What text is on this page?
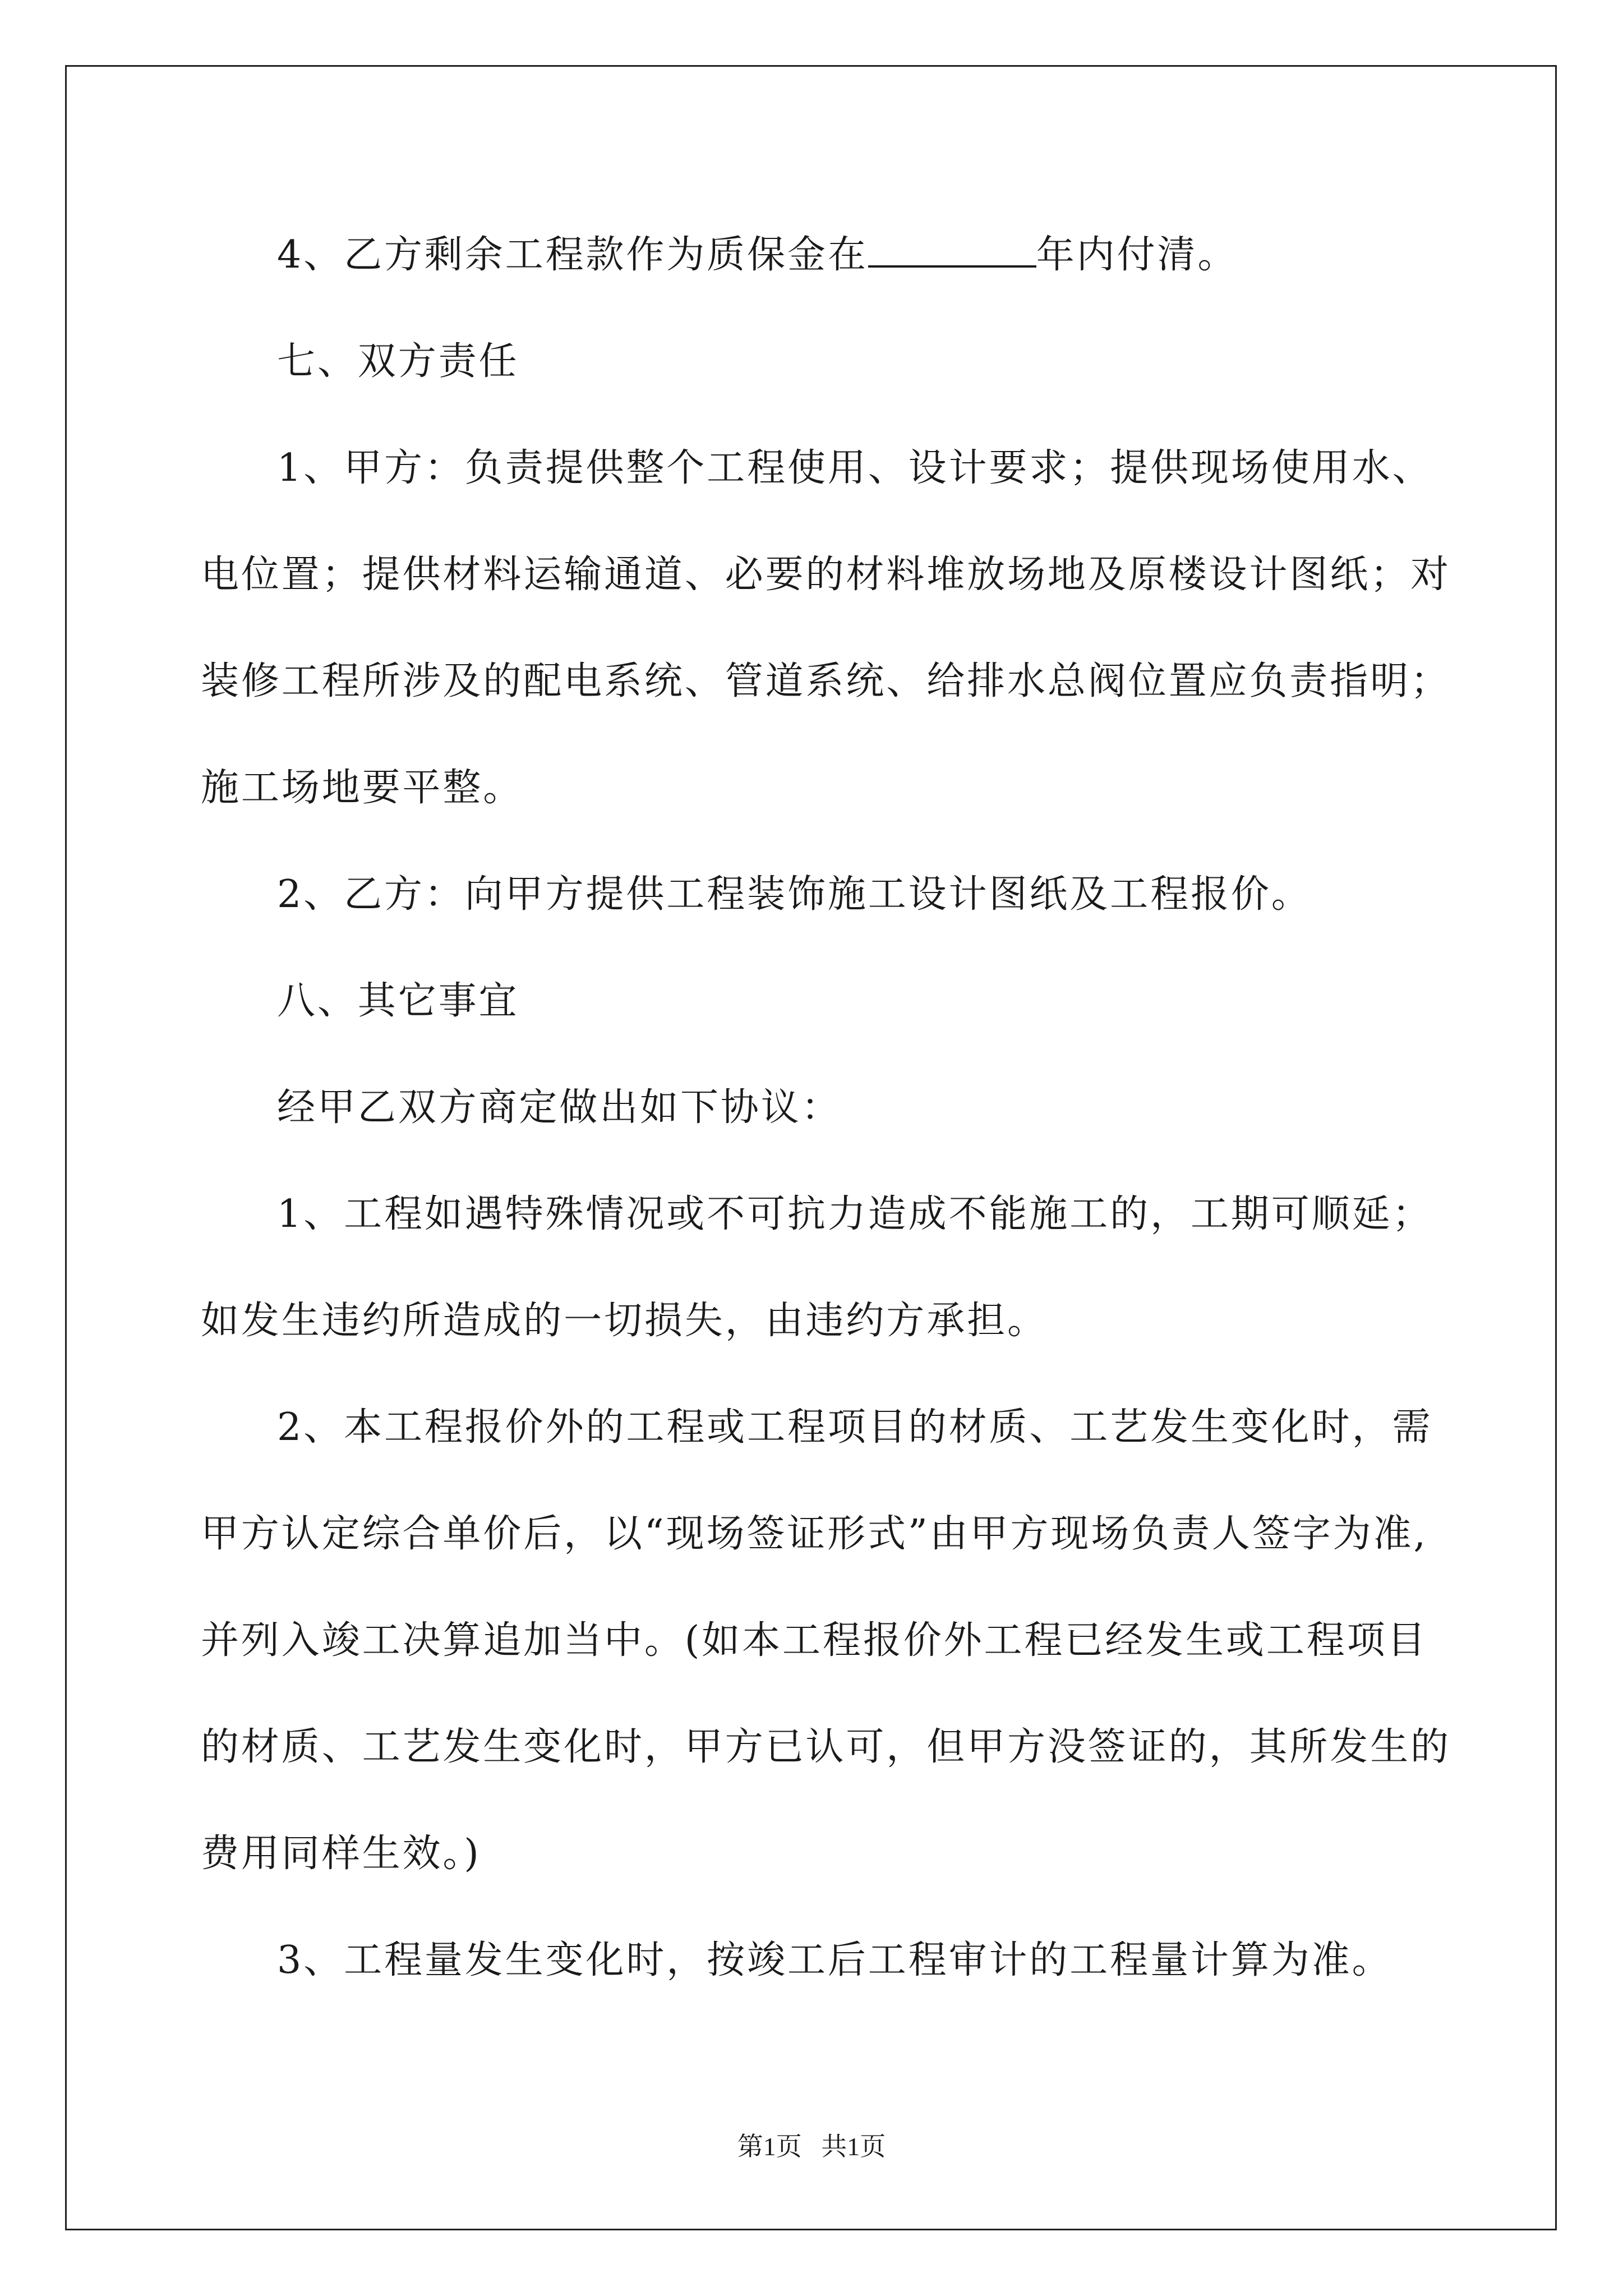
4、乙方剩余工程款作为质保金在	年内付清。

七、双方责任

1、甲方：负责提供整个工程使用、设计要求；提供现场使用水、电位置；提供材料运输通道、必要的材料堆放场地及原楼设计图纸；对装修工程所涉及的配电系统、管道系统、给排水总阀位置应负责指明；施工场地要平整。

2、乙方：向甲方提供工程装饰施工设计图纸及工程报价。

八、其它事宜

经甲乙双方商定做出如下协议：

1、工程如遇特殊情况或不可抗力造成不能施工的，工期可顺延；如发生违约所造成的一切损失，由违约方承担。

2、本工程报价外的工程或工程项目的材质、工艺发生变化时，需甲方认定综合单价后，以“现场签证形式”由甲方现场负责人签字为准,并列入竣工决算追加当中。(如本工程报价外工程已经发生或工程项目的材质、工艺发生变化时，甲方已认可，但甲方没签证的，其所发生的费用同样生效。)

3、工程量发生变化时，按竣工后工程审计的工程量计算为准。

第1页   共1页
